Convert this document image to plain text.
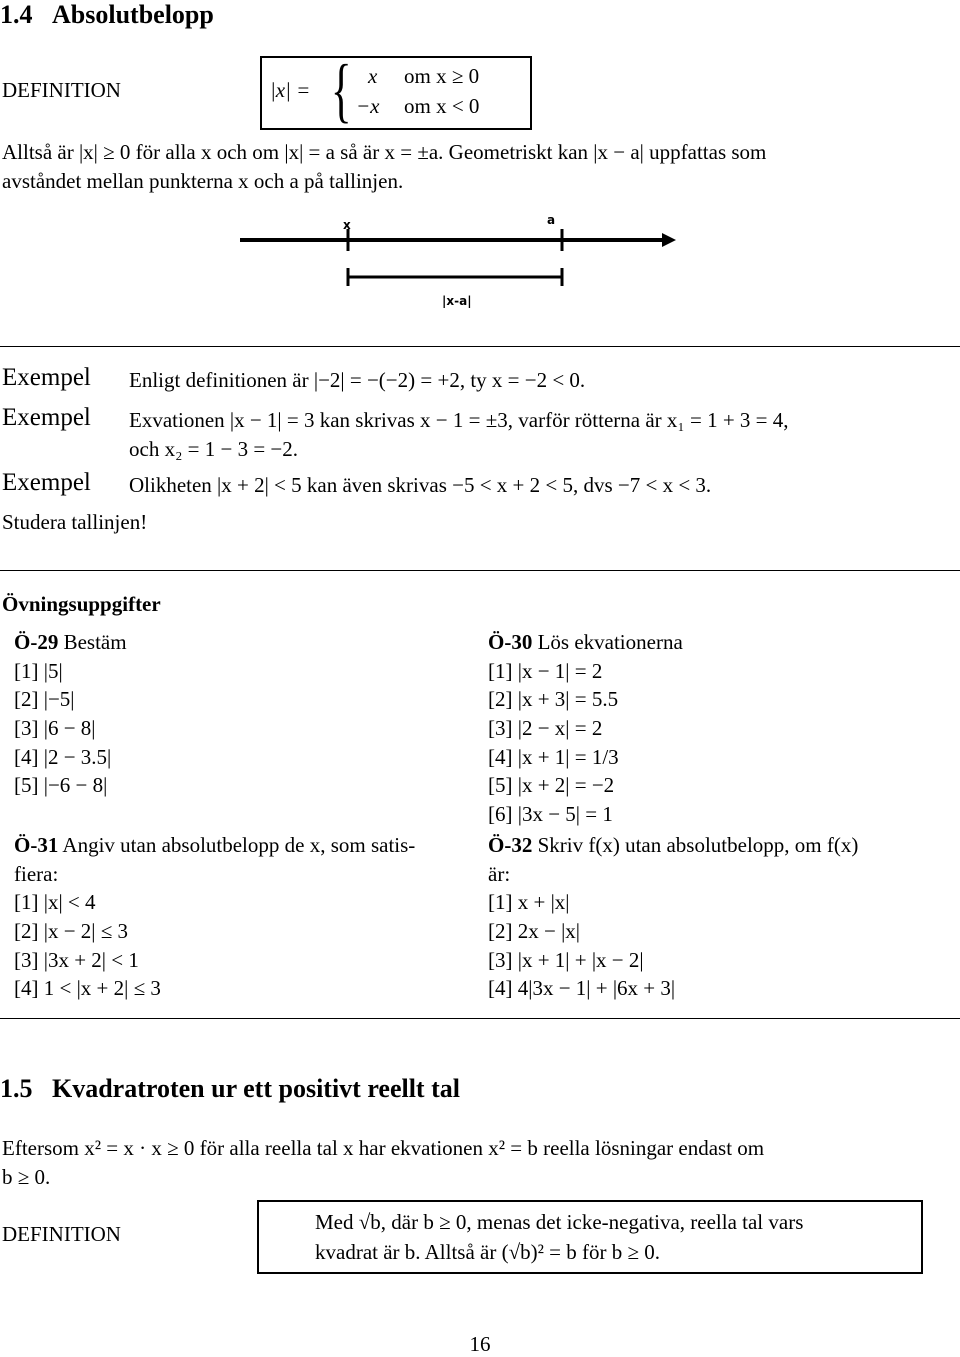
1.4 Absolutbelopp
DEFINITION	|x| = { x om x ≥ 0
−x om x < 0
Alltså är |x| ≥ 0 för alla x och om |x| = a så är x = ±a. Geometriskt kan |x − a| uppfattas som
avståndet mellan punkterna x och a på tallinjen.
x	a
|x-a|
Exempel Enligt definitionen är |−2| = −(−2) = +2, ty x = −2 < 0.
Exempel Exvationen |x − 1| = 3 kan skrivas x − 1 = ±3, varför rötterna är x₁ = 1 + 3 = 4,
och x₂ = 1 − 3 = −2.
Exempel Olikheten |x + 2| < 5 kan även skrivas −5 < x + 2 < 5, dvs −7 < x < 3.
Studera tallinjen!
Övningsuppgifter
Ö-29 Bestäm
[1] |5|
[2] |−5|
[3] |6 − 8|
[4] |2 − 3.5|
[5] |−6 − 8|
Ö-30 Lös ekvationerna
[1] |x − 1| = 2
[2] |x + 3| = 5.5
[3] |2 − x| = 2
[4] |x + 1| = 1/3
[5] |x + 2| = −2
[6] |3x − 5| = 1
Ö-31 Angiv utan absolutbelopp de x, som satis-
fiera:
[1] |x| < 4
[2] |x − 2| ≤ 3
[3] |3x + 2| < 1
[4] 1 < |x + 2| ≤ 3
Ö-32 Skriv f(x) utan absolutbelopp, om f(x)
är:
[1] x + |x|
[2] 2x − |x|
[3] |x + 1| + |x − 2|
[4] 4|3x − 1| + |6x + 3|
1.5 Kvadratroten ur ett positivt reellt tal
Eftersom x² = x · x ≥ 0 för alla reella tal x har ekvationen x² = b reella lösningar endast om
b ≥ 0.
DEFINITION	Med √b, där b ≥ 0, menas det icke-negativa, reella tal vars
kvadrat är b. Alltså är (√b)² = b för b ≥ 0.
16
